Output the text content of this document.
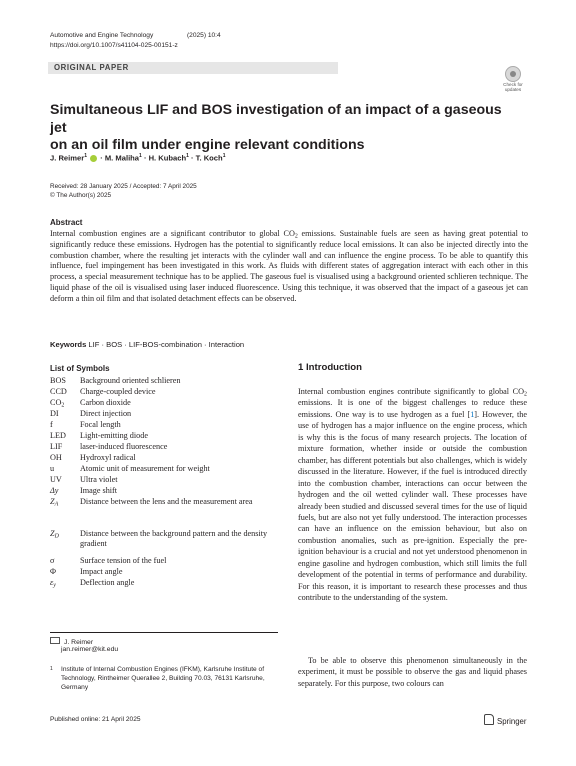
Automotive and Engine Technology	(2025) 10:4
https://doi.org/10.1007/s41104-025-00151-z
ORIGINAL PAPER
Check for updates
Simultaneous LIF and BOS investigation of an impact of a gaseous jet
on an oil film under engine relevant conditions
J. Reimer$^1$  · M. Maliha$^1$ · H. Kubach$^1$ · T. Koch$^1$
Received: 28 January 2025 / Accepted: 7 April 2025
© The Author(s) 2025
Abstract
Internal combustion engines are a significant contributor to global $CO_2$ emissions. Sustainable fuels are seen as having great potential to significantly reduce these emissions. Hydrogen has the potential to significantly reduce local emissions. It can also be injected directly into the combustion chamber, where the resulting jet interacts with the cylinder wall and can influence the engine process. To be able to quantify this influence, fuel impingement has been investigated in this work. As fluids with different states of aggregation interact with each other in this process, a special measurement technique has to be applied. The gaseous fuel is visualised using a background oriented schlieren technique. The liquid phase of the oil is visualised using laser induced fluorescence. Using this technique, it was observed that the impact of a gaseous jet can deform a thin oil film and that isolated detachment effects can be observed.
Keywords LIF · BOS · LIF-BOS-combination · Interaction
List of Symbols
BOS	Background oriented schlieren
CCD	Charge-coupled device
$CO_2$	Carbon dioxide
DI	Direct injection
f	Focal length
LED	Light-emitting diode
LIF	laser-induced fluorescence
OH	Hydroxyl radical
u	Atomic unit of measurement for weight
UV	Ultra violet
Δy	Image shift
$Z_A$	Distance between the lens and the measurement area
$Z_D$	Distance between the background pattern and the density gradient
σ	Surface tension of the fuel
Φ	Impact angle
$\varepsilon_y$	Deflection angle
J. Reimer
jan.reimer@kit.edu
1 Institute of Internal Combustion Engines (IFKM), Karlsruhe Institute of Technology, Rintheimer Querallee 2, Building 70.03, 76131 Karlsruhe, Germany
1 Introduction
Internal combustion engines contribute significantly to global $CO_2$ emissions. It is one of the biggest challenges to reduce these emissions. One way is to use hydrogen as a fuel [1]. However, the use of hydrogen has a major influence on the engine process, which is why this is the focus of many research projects. The location of mixture formation, whether inside or outside the combustion chamber, has different potentials but also challenges, which is widely discussed in the literature. However, if the fuel is introduced directly into the combustion chamber, interactions can occur between the hydrogen and the oil wetted cylinder wall. These processes have already been studied and discussed several times for the use of liquid fuels, but are also not yet fully understood. The interaction processes can have an influence on the emission behaviour, but also on combustion anomalies, such as pre-ignition. Especially the pre-ignition behaviour is a crucial and not yet understood phenomenon in engine gasoline and hydrogen combustion, which still limits the full development of the potential in terms of performance and durability. For this reason, it is important to research these processes and thus contribute to the understanding of the system.
To be able to observe this phenomenon simultaneously in the experiment, it must be possible to observe the gas and liquid phases separately. For this purpose, two colours can
Published online: 21 April 2025	Springer
